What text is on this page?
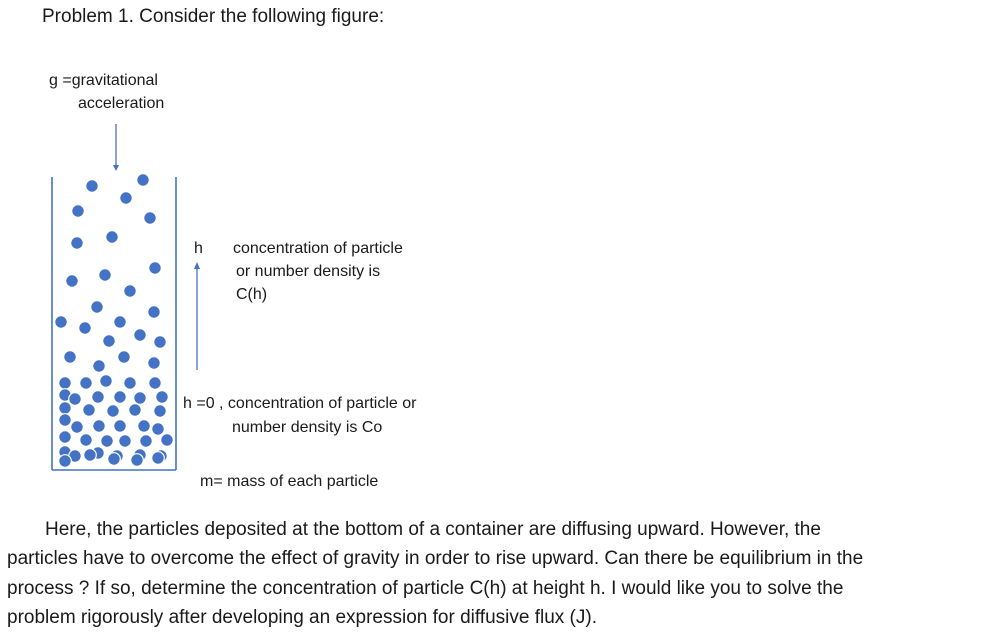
Problem 1. Consider the following figure:
g =gravitational
acceleration
h concentration of particle
or number density is
C(h)
h =0 , concentration of particle or
number density is Co
m= mass of each particle
Here, the particles deposited at the bottom of a container are diffusing upward. However, the
particles have to overcome the effect of gravity in order to rise upward. Can there be equilibrium in the
process ? If so, determine the concentration of particle C(h) at height h. I would like you to solve the
problem rigorously after developing an expression for diffusive flux (J).
